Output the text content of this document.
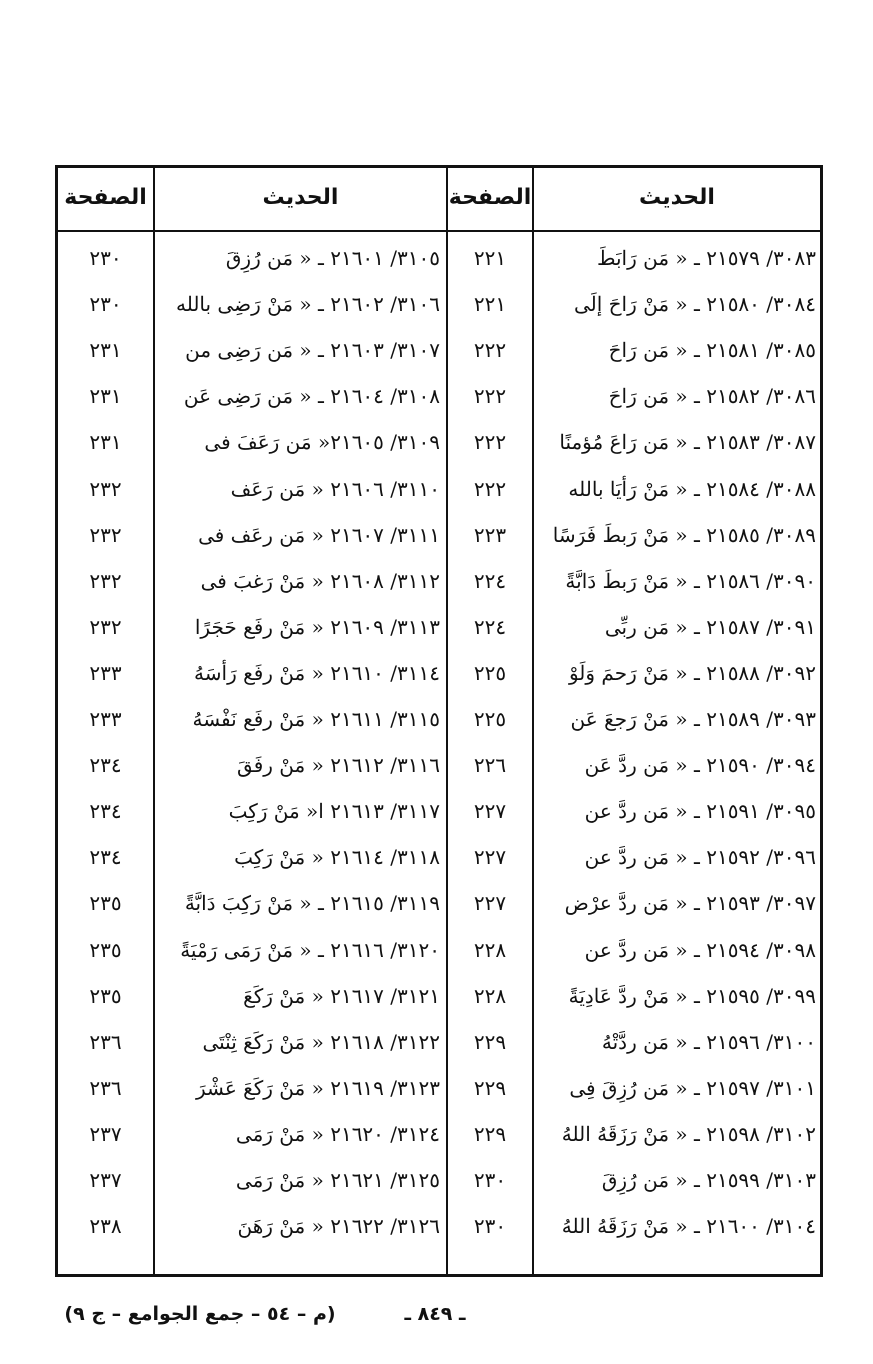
الحديث
الصفحة
الحديث
الصفحة
٣٠٨٣/ ٢١٥٧٩ ـ « مَن رَابَطَ
٢٢١
٣٠٨٤/ ٢١٥٨٠ ـ « مَنْ رَاحَ إلَى
٢٢١
٣٠٨٥/ ٢١٥٨١ ـ « مَن رَاحَ
٢٢٢
٣٠٨٦/ ٢١٥٨٢ ـ « مَن رَاحَ
٢٢٢
٣٠٨٧/ ٢١٥٨٣ ـ « مَن رَاعَ مُؤمنًا
٢٢٢
٣٠٨٨/ ٢١٥٨٤ ـ « مَنْ رَأيَا بالله
٢٢٢
٣٠٨٩/ ٢١٥٨٥ ـ « مَنْ رَبطَ فَرَسًا
٢٢٣
٣٠٩٠/ ٢١٥٨٦ ـ « مَنْ رَبطَ دَابَّةً
٢٢٤
٣٠٩١/ ٢١٥٨٧ ـ « مَن ربِّى
٢٢٤
٣٠٩٢/ ٢١٥٨٨ ـ « مَنْ رَحمَ وَلَوْ
٢٢٥
٣٠٩٣/ ٢١٥٨٩ ـ « مَنْ رَجعَ عَن
٢٢٥
٣٠٩٤/ ٢١٥٩٠ ـ « مَن ردَّ عَن
٢٢٦
٣٠٩٥/ ٢١٥٩١ ـ « مَن ردَّ عن
٢٢٧
٣٠٩٦/ ٢١٥٩٢ ـ « مَن ردَّ عن
٢٢٧
٣٠٩٧/ ٢١٥٩٣ ـ « مَن ردَّ عرْض
٢٢٧
٣٠٩٨/ ٢١٥٩٤ ـ « مَن ردَّ عن
٢٢٨
٣٠٩٩/ ٢١٥٩٥ ـ « مَنْ ردَّ عَادِيَةً
٢٢٨
٣١٠٠/ ٢١٥٩٦ ـ « مَن ردَّتْهُ
٢٢٩
٣١٠١/ ٢١٥٩٧ ـ « مَن رُزِقَ فِى
٢٢٩
٣١٠٢/ ٢١٥٩٨ ـ « مَنْ رَزَقَهُ اللهُ
٢٢٩
٣١٠٣/ ٢١٥٩٩ ـ « مَن رُزِقَ
٢٣٠
٣١٠٤/ ٢١٦٠٠ ـ « مَنْ رَزَقَهُ اللهُ
٢٣٠
٣١٠٥/ ٢١٦٠١ ـ « مَن رُزِقَ
٢٣٠
٣١٠٦/ ٢١٦٠٢ ـ « مَنْ رَضِى بالله
٢٣٠
٣١٠٧/ ٢١٦٠٣ ـ « مَن رَضِى من
٢٣١
٣١٠٨/ ٢١٦٠٤ ـ « مَن رَضِى عَن
٢٣١
٣١٠٩/ ٢١٦٠٥« مَن رَعَفَ فى
٢٣١
٣١١٠/ ٢١٦٠٦ « مَن رَعَف
٢٣٢
٣١١١/ ٢١٦٠٧ « مَن رعَف فى
٢٣٢
٣١١٢/ ٢١٦٠٨ « مَنْ رَغبَ فى
٢٣٢
٣١١٣/ ٢١٦٠٩ « مَنْ رفَع حَجَرًا
٢٣٢
٣١١٤/ ٢١٦١٠ « مَنْ رفَع رَأسَهُ
٢٣٣
٣١١٥/ ٢١٦١١ « مَنْ رفَع نَفْسَهُ
٢٣٣
٣١١٦/ ٢١٦١٢ « مَنْ رفَقَ
٢٣٤
٣١١٧/ ٢١٦١٣ ا« مَنْ رَكِبَ
٢٣٤
٣١١٨/ ٢١٦١٤ « مَنْ رَكِبَ
٢٣٤
٣١١٩/ ٢١٦١٥ ـ « مَنْ رَكِبَ دَابَّةً
٢٣٥
٣١٢٠/ ٢١٦١٦ ـ « مَنْ رَمَى رَمْيَةً
٢٣٥
٣١٢١/ ٢١٦١٧ « مَنْ رَكَعَ
٢٣٥
٣١٢٢/ ٢١٦١٨ « مَنْ رَكَعَ ثِنْتَى
٢٣٦
٣١٢٣/ ٢١٦١٩ « مَنْ رَكَعَ عَشْرَ
٢٣٦
٣١٢٤/ ٢١٦٢٠ « مَنْ رَمَى
٢٣٧
٣١٢٥/ ٢١٦٢١ « مَنْ رَمَى
٢٣٧
٣١٢٦/ ٢١٦٢٢ « مَنْ رَهَنَ
٢٣٨
ـ ٨٤٩ ـ
(م – ٥٤ – جمع الجوامع – ج ٩)
